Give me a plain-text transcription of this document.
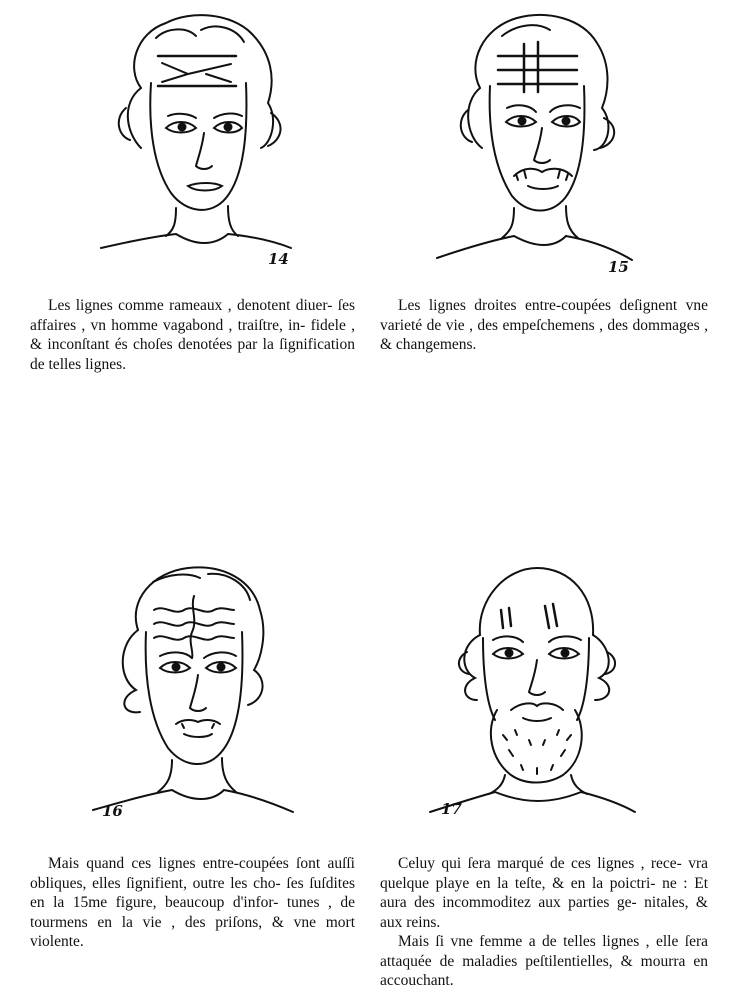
14	15

Les lignes comme rameaux , denotent diuer- ſes affaires , vn homme vagabond , traiſtre, in- fidele , & inconſtant és choſes denotées par la ſignification de telles lignes.

Les lignes droites entre-coupées deſignent vne varieté de vie , des empeſchemens , des dommages , & changemens.

16	17

Mais quand ces lignes entre-coupées ſont auſſi obliques, elles ſignifient, outre les cho- ſes ſuſdites en la 15me figure, beaucoup d'infor- tunes , de tourmens en la vie , des priſons, & vne mort violente.

Celuy qui ſera marqué de ces lignes , rece- vra quelque playe en la teſte, & en la poictri- ne : Et aura des incommoditez aux parties ge- nitales, & aux reins.

Mais ſi vne femme a de telles lignes , elle ſera attaquée de maladies peſtilentielles, & mourra en accouchant.
